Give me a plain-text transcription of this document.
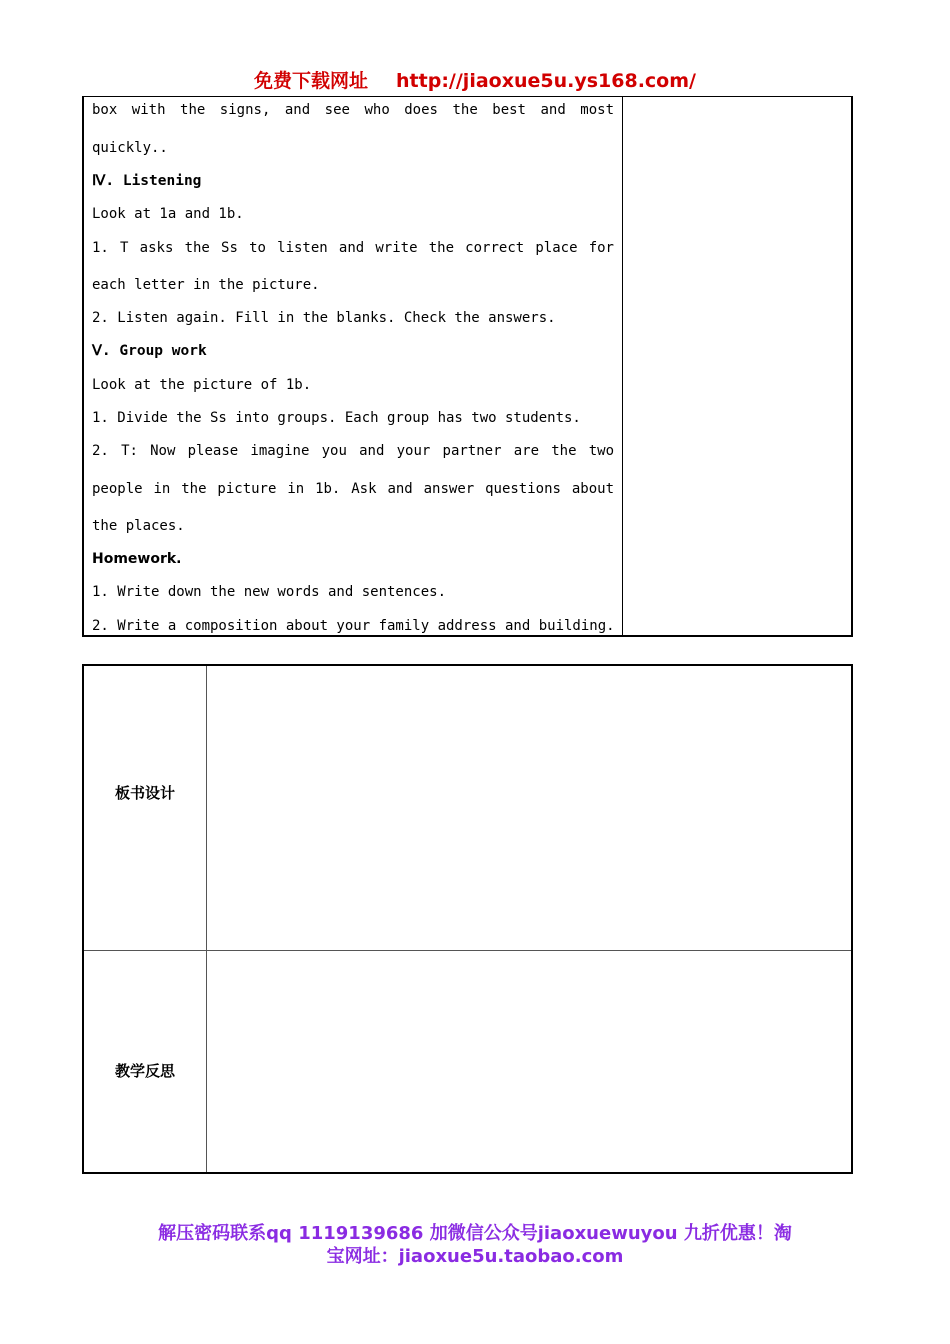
免费下载网址 http://jiaoxue5u.ys168.com/
box with the signs, and see who does the best and most
quickly..
Ⅳ. Listening
Look at 1a and 1b.
1. T asks the Ss to listen and write the correct place for
each letter in the picture.
2. Listen again. Fill in the blanks. Check the answers.
Ⅴ. Group work
Look at the picture of 1b.
1. Divide the Ss into groups. Each group has two students.
2. T: Now please imagine you and your partner are the two
people in the picture in 1b. Ask and answer questions about
the places.
Homework.
1. Write down the new words and sentences.
2. Write a composition about your family address and building.
板书设计
教学反思
解压密码联系qq 1119139686 加微信公众号jiaoxuewuyou 九折优惠！淘
宝网址：jiaoxue5u.taobao.com
